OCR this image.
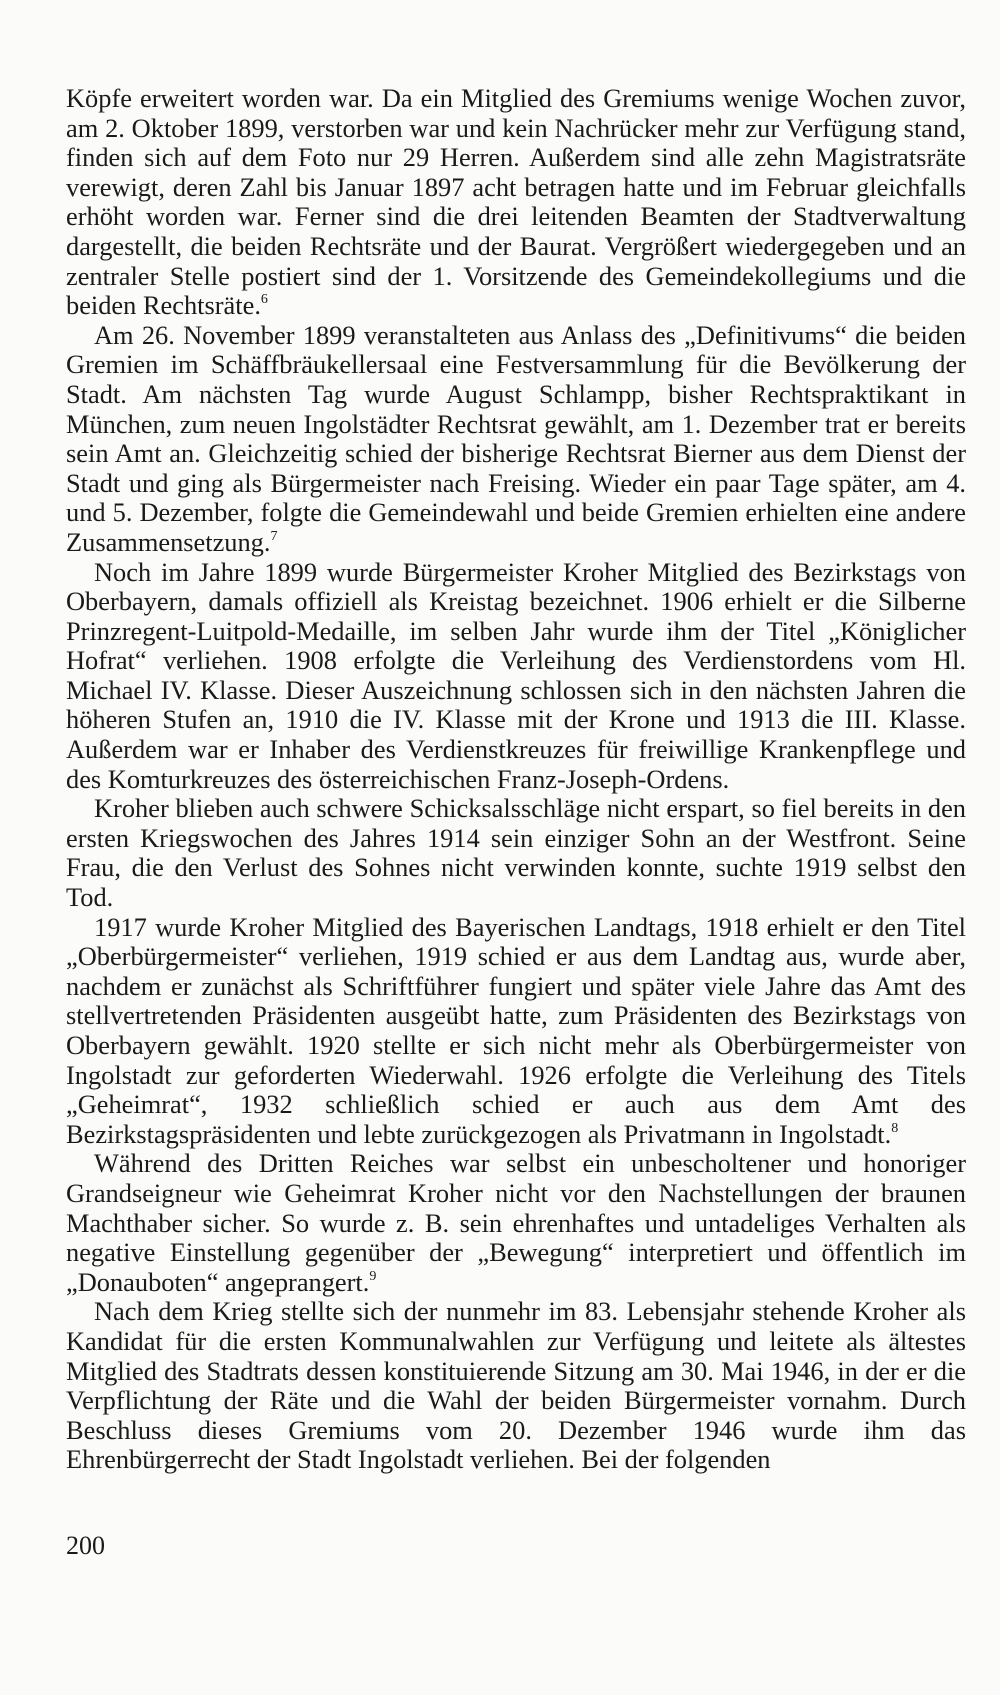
Köpfe erweitert worden war. Da ein Mitglied des Gremiums wenige Wochen zuvor, am 2. Oktober 1899, verstorben war und kein Nachrücker mehr zur Verfügung stand, finden sich auf dem Foto nur 29 Herren. Außerdem sind alle zehn Magistratsräte verewigt, deren Zahl bis Januar 1897 acht betragen hatte und im Februar gleichfalls erhöht worden war. Ferner sind die drei leitenden Beamten der Stadtverwaltung dargestellt, die beiden Rechtsräte und der Baurat. Vergrößert wiedergegeben und an zentraler Stelle postiert sind der 1. Vorsitzende des Gemeindekollegiums und die beiden Rechtsräte.$^6$

Am 26. November 1899 veranstalteten aus Anlass des „Definitivums“ die beiden Gremien im Schäffbräukellersaal eine Festversammlung für die Bevölkerung der Stadt. Am nächsten Tag wurde August Schlampp, bisher Rechtspraktikant in München, zum neuen Ingolstädter Rechtsrat gewählt, am 1. Dezember trat er bereits sein Amt an. Gleichzeitig schied der bisherige Rechtsrat Bierner aus dem Dienst der Stadt und ging als Bürgermeister nach Freising. Wieder ein paar Tage später, am 4. und 5. Dezember, folgte die Gemeindewahl und beide Gremien erhielten eine andere Zusammensetzung.$^7$

Noch im Jahre 1899 wurde Bürgermeister Kroher Mitglied des Bezirkstags von Oberbayern, damals offiziell als Kreistag bezeichnet. 1906 erhielt er die Silberne Prinzregent-Luitpold-Medaille, im selben Jahr wurde ihm der Titel „Königlicher Hofrat“ verliehen. 1908 erfolgte die Verleihung des Verdienstordens vom Hl. Michael IV. Klasse. Dieser Auszeichnung schlossen sich in den nächsten Jahren die höheren Stufen an, 1910 die IV. Klasse mit der Krone und 1913 die III. Klasse. Außerdem war er Inhaber des Verdienstkreuzes für freiwillige Krankenpflege und des Komturkreuzes des österreichischen Franz-Joseph-Ordens.

Kroher blieben auch schwere Schicksalsschläge nicht erspart, so fiel bereits in den ersten Kriegswochen des Jahres 1914 sein einziger Sohn an der Westfront. Seine Frau, die den Verlust des Sohnes nicht verwinden konnte, suchte 1919 selbst den Tod.

1917 wurde Kroher Mitglied des Bayerischen Landtags, 1918 erhielt er den Titel „Oberbürgermeister“ verliehen, 1919 schied er aus dem Landtag aus, wurde aber, nachdem er zunächst als Schriftführer fungiert und später viele Jahre das Amt des stellvertretenden Präsidenten ausgeübt hatte, zum Präsidenten des Bezirkstags von Oberbayern gewählt. 1920 stellte er sich nicht mehr als Oberbürgermeister von Ingolstadt zur geforderten Wiederwahl. 1926 erfolgte die Verleihung des Titels „Geheimrat“, 1932 schließlich schied er auch aus dem Amt des Bezirkstagspräsidenten und lebte zurückgezogen als Privatmann in Ingolstadt.$^8$

Während des Dritten Reiches war selbst ein unbescholtener und honoriger Grandseigneur wie Geheimrat Kroher nicht vor den Nachstellungen der braunen Machthaber sicher. So wurde z. B. sein ehrenhaftes und untadeliges Verhalten als negative Einstellung gegenüber der „Bewegung“ interpretiert und öffentlich im „Donauboten“ angeprangert.$^9$

Nach dem Krieg stellte sich der nunmehr im 83. Lebensjahr stehende Kroher als Kandidat für die ersten Kommunalwahlen zur Verfügung und leitete als ältestes Mitglied des Stadtrats dessen konstituierende Sitzung am 30. Mai 1946, in der er die Verpflichtung der Räte und die Wahl der beiden Bürgermeister vornahm. Durch Beschluss dieses Gremiums vom 20. Dezember 1946 wurde ihm das Ehrenbürgerrecht der Stadt Ingolstadt verliehen. Bei der folgenden

200
